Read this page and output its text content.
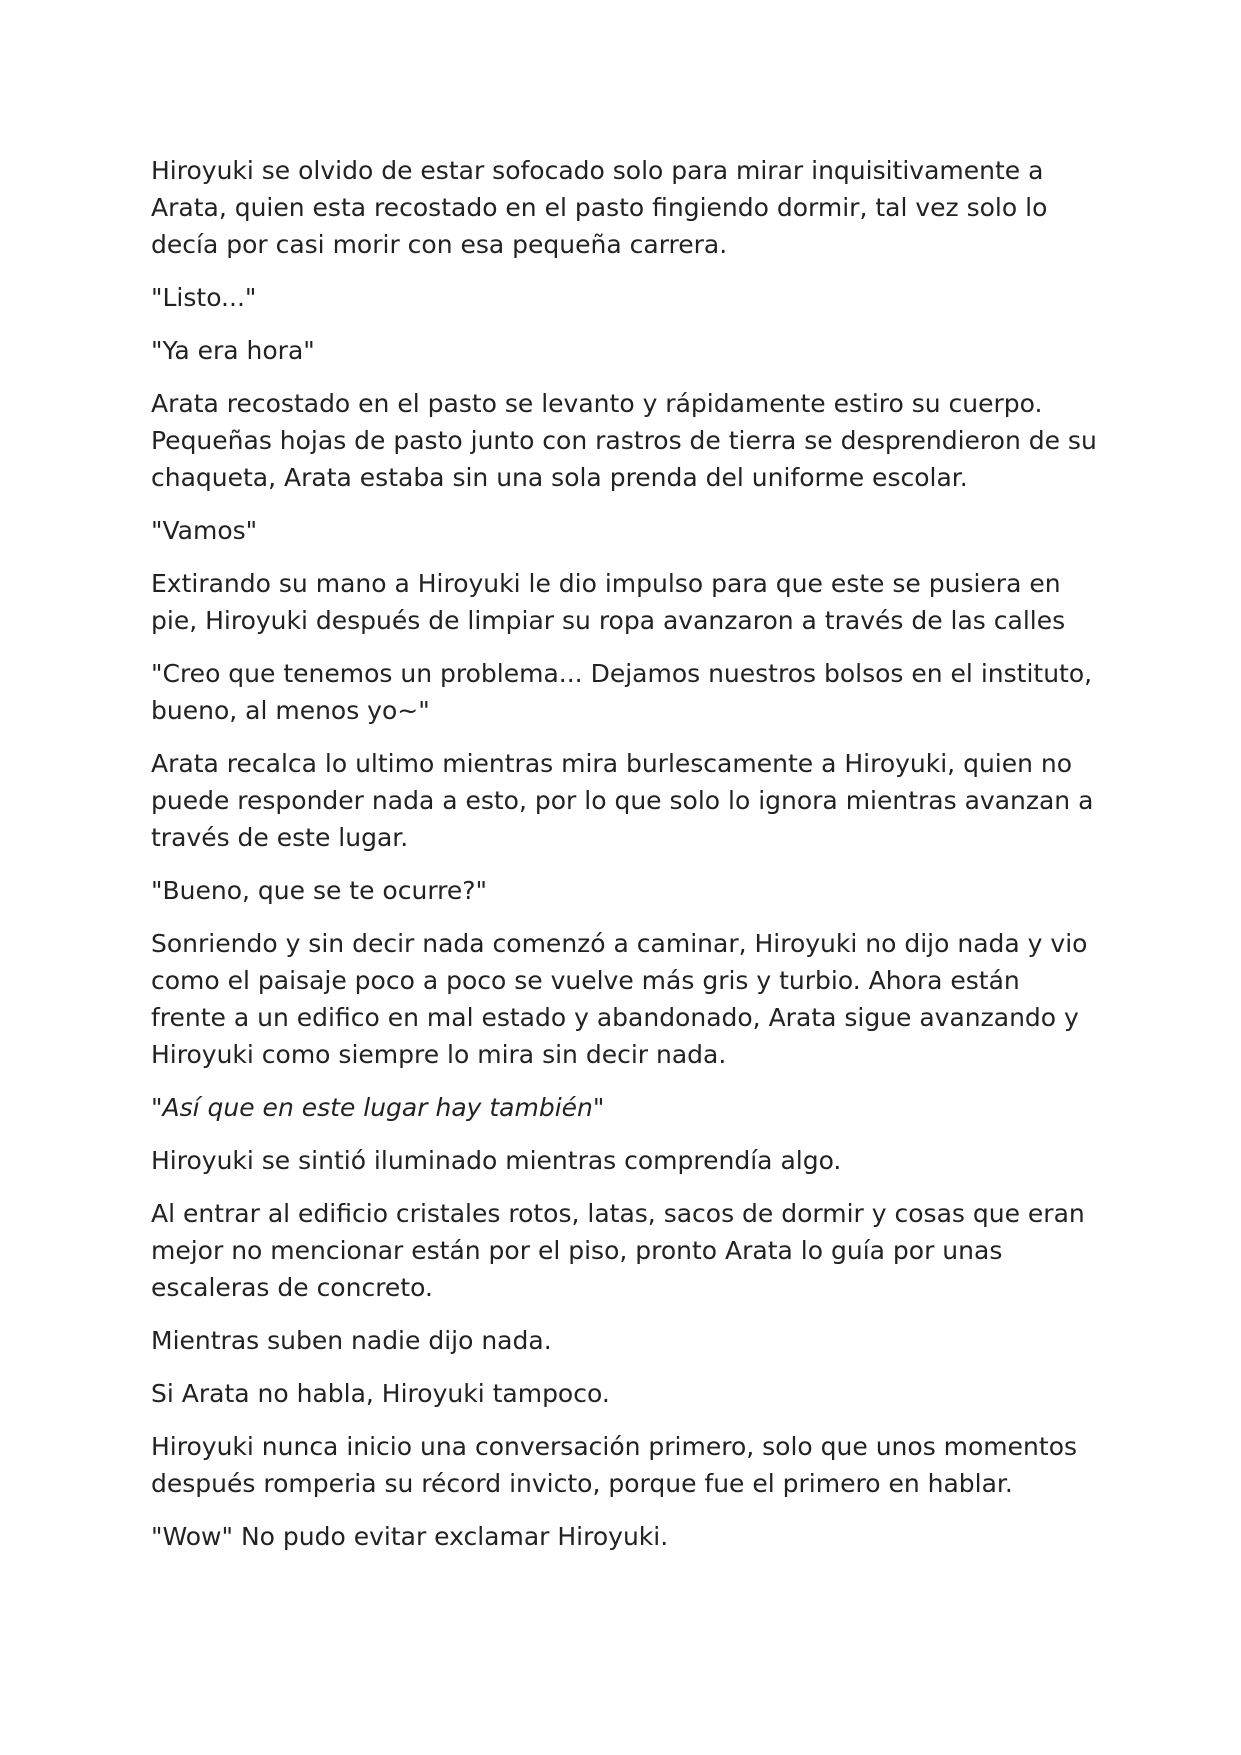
Hiroyuki se olvido de estar sofocado solo para mirar inquisitivamente a Arata, quien esta recostado en el pasto fingiendo dormir, tal vez solo lo decía por casi morir con esa pequeña carrera.

"Listo..."

"Ya era hora"

Arata recostado en el pasto se levanto y rápidamente estiro su cuerpo. Pequeñas hojas de pasto junto con rastros de tierra se desprendieron de su chaqueta, Arata estaba sin una sola prenda del uniforme escolar.

"Vamos"

Extirando su mano a Hiroyuki le dio impulso para que este se pusiera en pie, Hiroyuki después de limpiar su ropa avanzaron a través de las calles

"Creo que tenemos un problema... Dejamos nuestros bolsos en el instituto, bueno, al menos yo~"

Arata recalca lo ultimo mientras mira burlescamente a Hiroyuki, quien no puede responder nada a esto, por lo que solo lo ignora mientras avanzan a través de este lugar.

"Bueno, que se te ocurre?"

Sonriendo y sin decir nada comenzó a caminar, Hiroyuki no dijo nada y vio como el paisaje poco a poco se vuelve más gris y turbio. Ahora están frente a un edifico en mal estado y abandonado, Arata sigue avanzando y Hiroyuki como siempre lo mira sin decir nada.

"Así que en este lugar hay también"

Hiroyuki se sintió iluminado mientras comprendía algo.

Al entrar al edificio cristales rotos, latas, sacos de dormir y cosas que eran mejor no mencionar están por el piso, pronto Arata lo guía por unas escaleras de concreto.

Mientras suben nadie dijo nada.

Si Arata no habla, Hiroyuki tampoco.

Hiroyuki nunca inicio una conversación primero, solo que unos momentos después romperia su récord invicto, porque fue el primero en hablar.

"Wow" No pudo evitar exclamar Hiroyuki.
